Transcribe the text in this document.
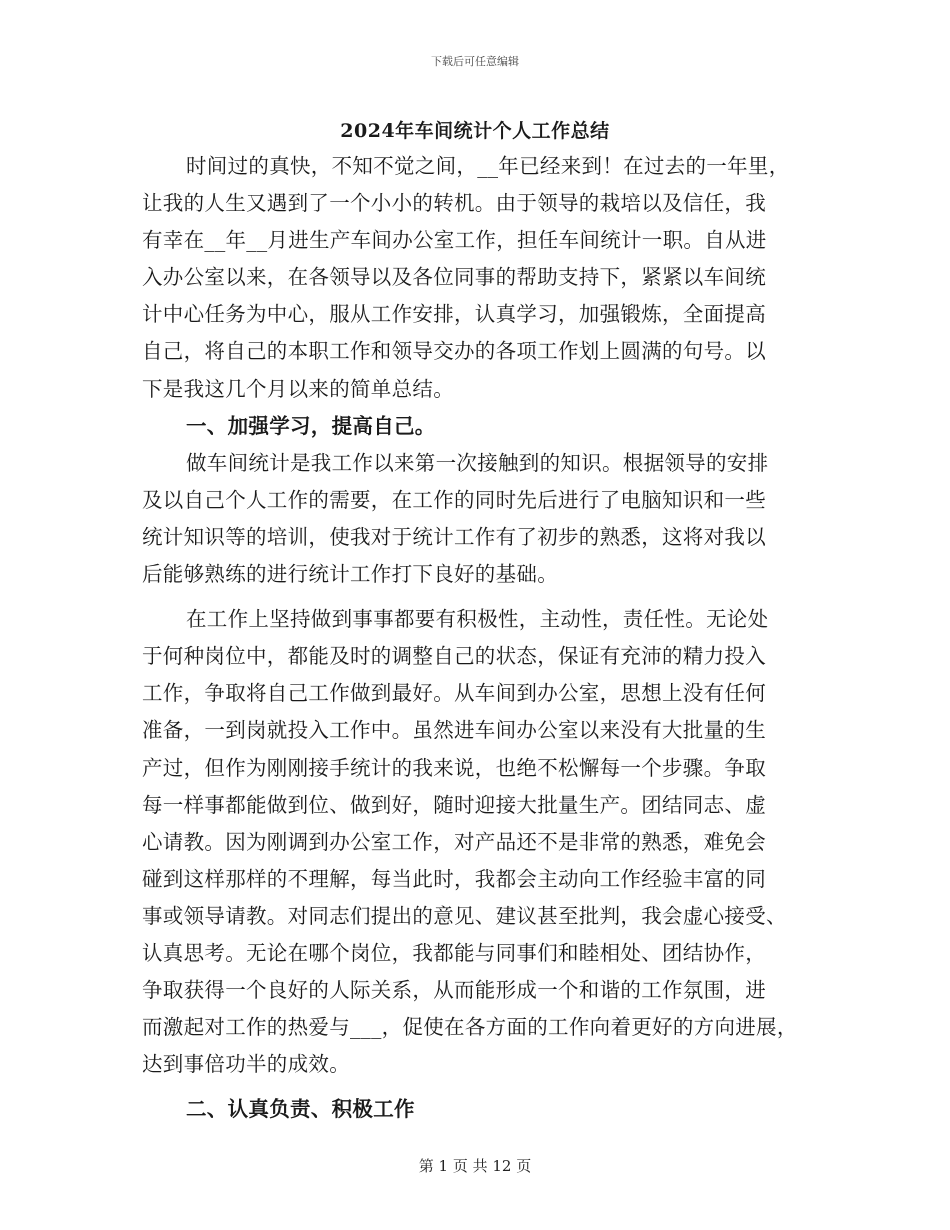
下载后可任意编辑
2024年车间统计个人工作总结
时间过的真快，不知不觉之间，__年已经来到！在过去的一年里，
让我的人生又遇到了一个小小的转机。由于领导的栽培以及信任，我
有幸在__年__月进生产车间办公室工作，担任车间统计一职。自从进
入办公室以来，在各领导以及各位同事的帮助支持下，紧紧以车间统
计中心任务为中心，服从工作安排，认真学习，加强锻炼，全面提高
自己，将自己的本职工作和领导交办的各项工作划上圆满的句号。以
下是我这几个月以来的简单总结。
一、加强学习，提高自己。
做车间统计是我工作以来第一次接触到的知识。根据领导的安排
及以自己个人工作的需要，在工作的同时先后进行了电脑知识和一些
统计知识等的培训，使我对于统计工作有了初步的熟悉，这将对我以
后能够熟练的进行统计工作打下良好的基础。
在工作上坚持做到事事都要有积极性，主动性，责任性。无论处
于何种岗位中，都能及时的调整自己的状态，保证有充沛的精力投入
工作，争取将自己工作做到最好。从车间到办公室，思想上没有任何
准备，一到岗就投入工作中。虽然进车间办公室以来没有大批量的生
产过，但作为刚刚接手统计的我来说，也绝不松懈每一个步骤。争取
每一样事都能做到位、做到好，随时迎接大批量生产。团结同志、虚
心请教。因为刚调到办公室工作，对产品还不是非常的熟悉，难免会
碰到这样那样的不理解，每当此时，我都会主动向工作经验丰富的同
事或领导请教。对同志们提出的意见、建议甚至批判，我会虚心接受、
认真思考。无论在哪个岗位，我都能与同事们和睦相处、团结协作，
争取获得一个良好的人际关系，从而能形成一个和谐的工作氛围，进
而激起对工作的热爱与___，促使在各方面的工作向着更好的方向进展，
达到事倍功半的成效。
二、认真负责、积极工作
第 1 页 共 12 页
